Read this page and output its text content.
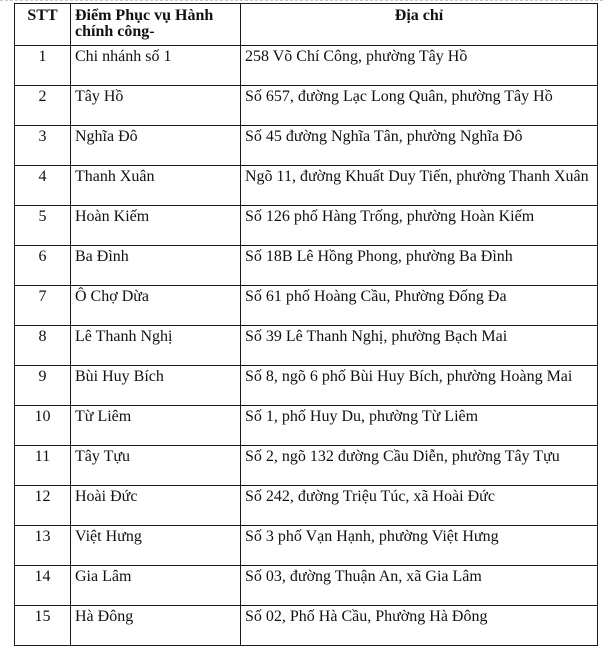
STT	Điểm Phục vụ Hành chính công-	Địa chỉ
1	Chi nhánh số 1	258 Võ Chí Công, phường Tây Hồ
2	Tây Hồ	Số 657, đường Lạc Long Quân, phường Tây Hồ
3	Nghĩa Đô	Số 45 đường Nghĩa Tân, phường Nghĩa Đô
4	Thanh Xuân	Ngõ 11, đường Khuất Duy Tiến, phường Thanh Xuân
5	Hoàn Kiếm	Số 126 phố Hàng Trống, phường Hoàn Kiếm
6	Ba Đình	Số 18B Lê Hồng Phong, phường Ba Đình
7	Ô Chợ Dừa	Số 61 phố Hoàng Cầu, Phường Đống Đa
8	Lê Thanh Nghị	Số 39 Lê Thanh Nghị, phường Bạch Mai
9	Bùi Huy Bích	Số 8, ngõ 6 phố Bùi Huy Bích, phường Hoàng Mai
10	Từ Liêm	Số 1, phố Huy Du, phường Từ Liêm
11	Tây Tựu	Số 2, ngõ 132 đường Cầu Diễn, phường Tây Tựu
12	Hoài Đức	Số 242, đường Triệu Túc, xã Hoài Đức
13	Việt Hưng	Số 3 phố Vạn Hạnh, phường Việt Hưng
14	Gia Lâm	Số 03, đường Thuận An, xã Gia Lâm
15	Hà Đông	Số 02, Phố Hà Cầu, Phường Hà Đông
